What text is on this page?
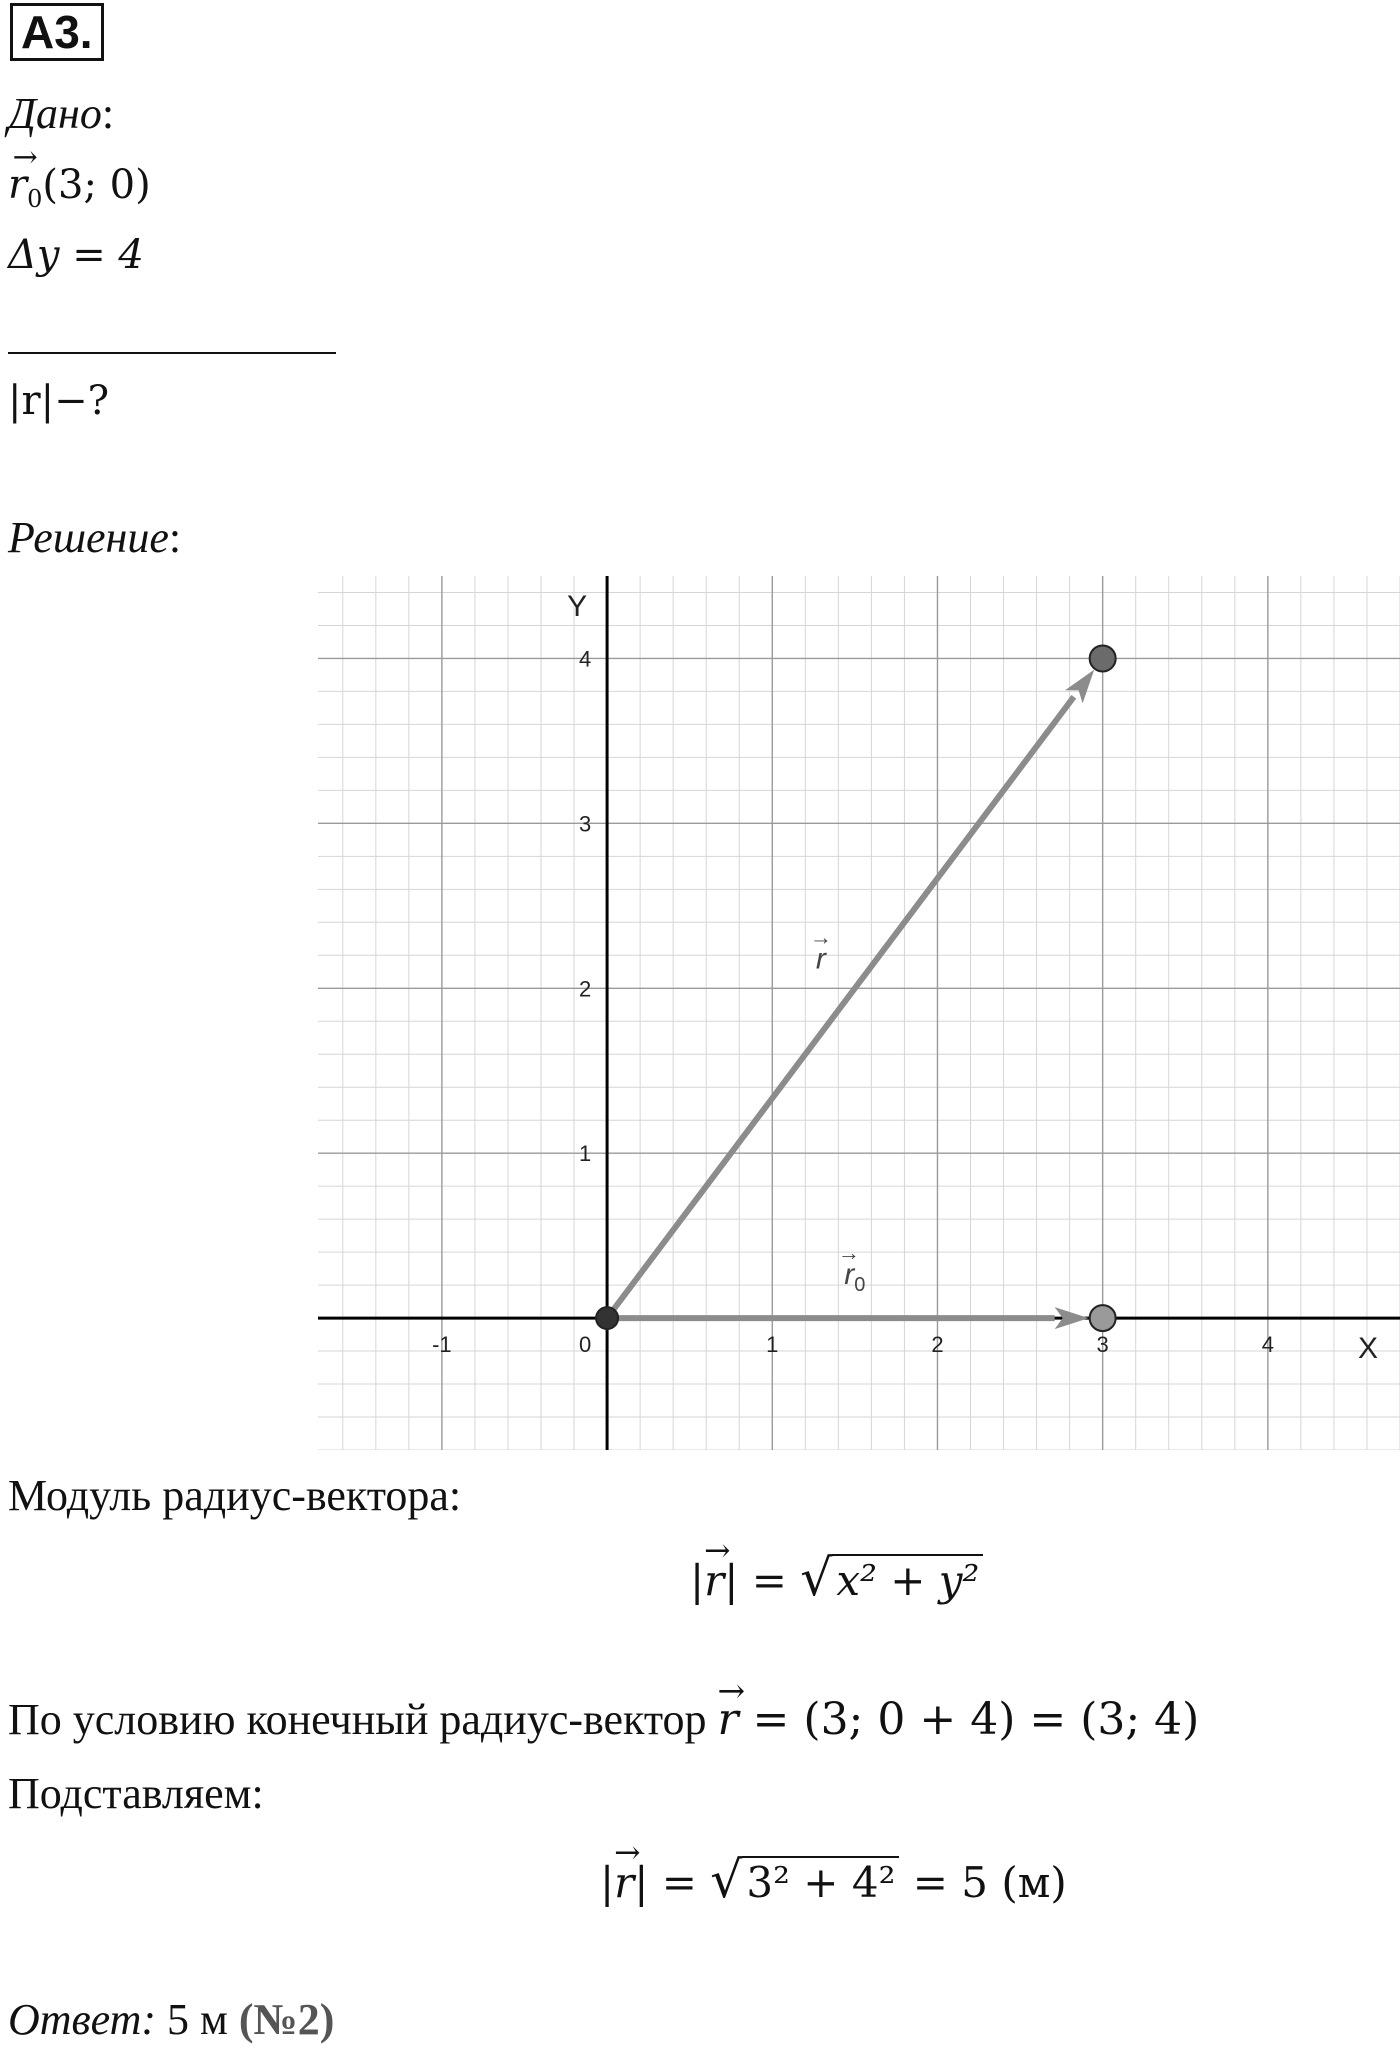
A3.
Дано:
→ $r_0(3$; 0)
Δy = 4
|r|−?
Решение:
-1	0	1	2	3	4
1
2
3
4
X
Y
r
→
$r_0$
→
Модуль радиус-вектора:
|→ r| = √x² + y²
По условию конечный радиус-вектор → r = (3; 0 + 4) = (3; 4)
Подставляем:
|→ r| = √3² + 4² = 5 (м)
Ответ: 5 м (№2)
